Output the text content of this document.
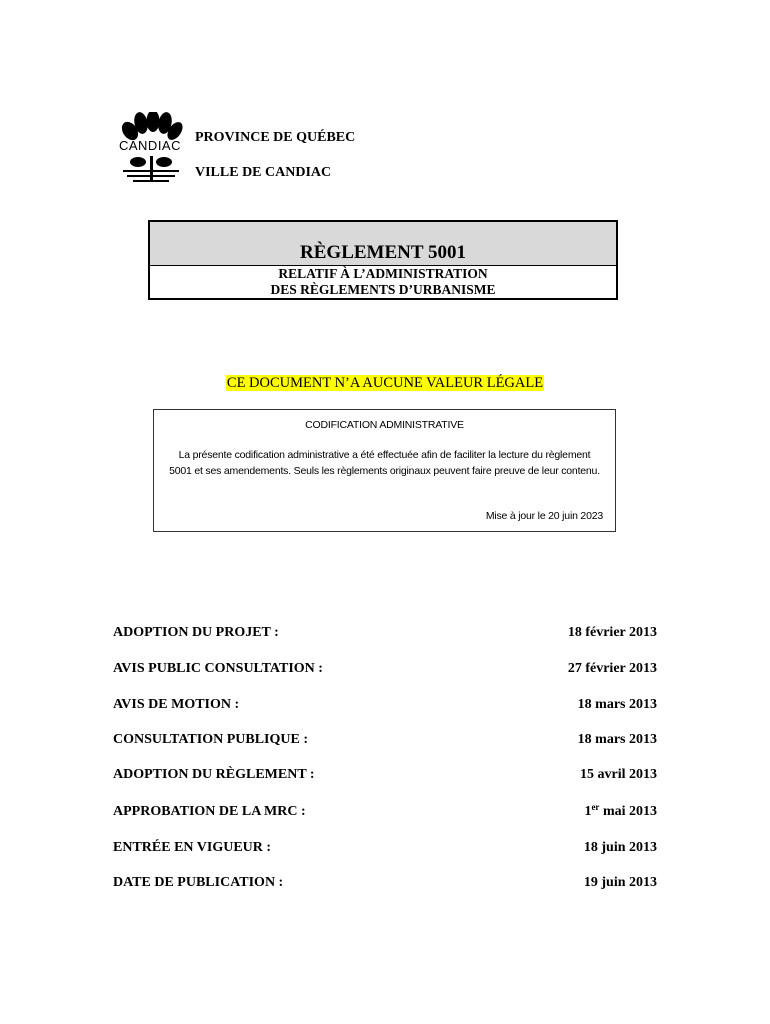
CANDIAC
PROVINCE DE QUÉBEC
VILLE DE CANDIAC
RÈGLEMENT 5001
RELATIF À L’ADMINISTRATION
DES RÈGLEMENTS D’URBANISME
CE DOCUMENT N’A AUCUNE VALEUR LÉGALE
CODIFICATION ADMINISTRATIVE
La présente codification administrative a été effectuée afin de faciliter la lecture du règlement 5001 et ses amendements. Seuls les règlements originaux peuvent faire preuve de leur contenu.
Mise à jour le 20 juin 2023
ADOPTION DU PROJET :	18 février 2013
AVIS PUBLIC CONSULTATION :	27 février 2013
AVIS DE MOTION :	18 mars 2013
CONSULTATION PUBLIQUE :	18 mars 2013
ADOPTION DU RÈGLEMENT :	15 avril 2013
APPROBATION DE LA MRC :	1er mai 2013
ENTRÉE EN VIGUEUR :	18 juin 2013
DATE DE PUBLICATION :	19 juin 2013
